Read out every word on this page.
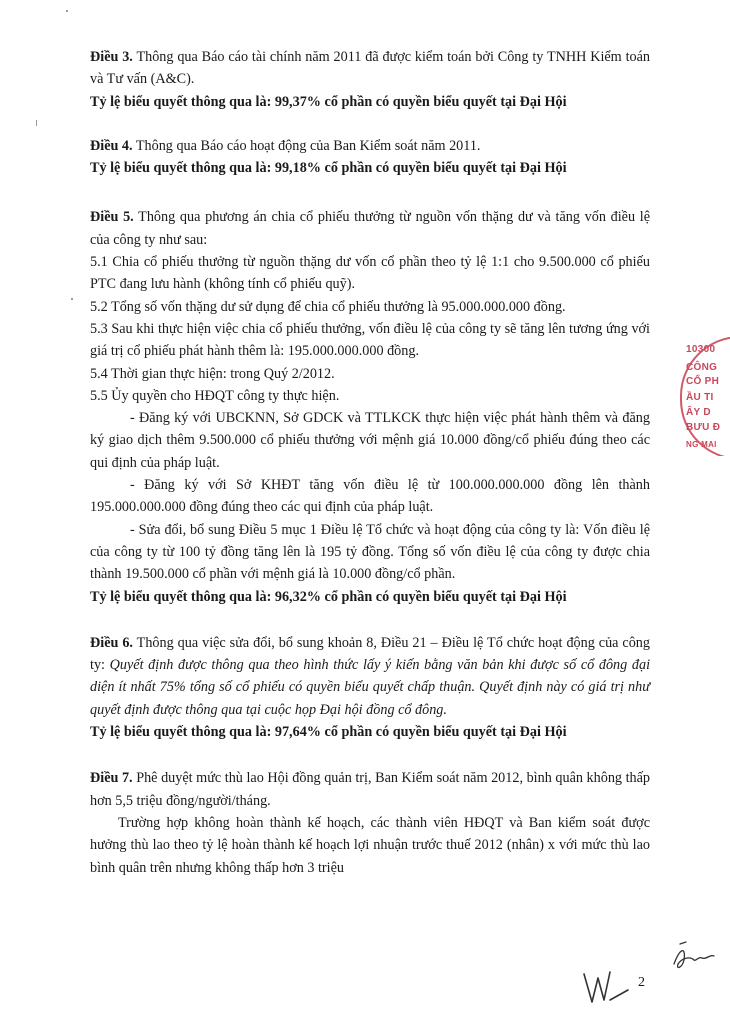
Điều 3. Thông qua Báo cáo tài chính năm 2011 đã được kiểm toán bởi Công ty TNHH Kiểm toán và Tư vấn (A&C).

Tỷ lệ biểu quyết thông qua là: 99,37% cổ phần có quyền biểu quyết tại Đại Hội

Điều 4. Thông qua Báo cáo hoạt động của Ban Kiểm soát năm 2011.

Tỷ lệ biểu quyết thông qua là: 99,18% cổ phần có quyền biểu quyết tại Đại Hội

Điều 5. Thông qua phương án chia cổ phiếu thưởng từ nguồn vốn thặng dư và tăng vốn điều lệ của công ty như sau:

5.1 Chia cổ phiếu thưởng từ nguồn thặng dư vốn cổ phần theo tỷ lệ 1:1 cho 9.500.000 cổ phiếu PTC đang lưu hành (không tính cổ phiếu quỹ).

5.2 Tổng số vốn thặng dư sử dụng để chia cổ phiếu thưởng là 95.000.000.000 đồng.

5.3 Sau khi thực hiện việc chia cổ phiếu thưởng, vốn điều lệ của công ty sẽ tăng lên tương ứng với giá trị cổ phiếu phát hành thêm là: 195.000.000.000 đồng.

5.4 Thời gian thực hiện: trong Quý 2/2012.

5.5 Ủy quyền cho HĐQT công ty thực hiện.

- Đăng ký với UBCKNN, Sở GDCK và TTLKCK thực hiện việc phát hành thêm và đăng ký giao dịch thêm 9.500.000 cổ phiếu thưởng với mệnh giá 10.000 đồng/cổ phiếu đúng theo các qui định của pháp luật.

- Đăng ký với Sở KHĐT tăng vốn điều lệ từ 100.000.000.000 đồng lên thành 195.000.000.000 đồng đúng theo các qui định của pháp luật.

- Sửa đổi, bổ sung Điều 5 mục 1 Điều lệ Tổ chức và hoạt động của công ty là: Vốn điều lệ của công ty từ 100 tỷ đồng tăng lên là 195 tỷ đồng. Tổng số vốn điều lệ của công ty được chia thành 19.500.000 cổ phần với mệnh giá là 10.000 đồng/cổ phần.

Tỷ lệ biểu quyết thông qua là: 96,32% cổ phần có quyền biểu quyết tại Đại Hội

Điều 6. Thông qua việc sửa đổi, bổ sung khoản 8, Điều 21 – Điều lệ Tổ chức hoạt động của công ty: Quyết định được thông qua theo hình thức lấy ý kiến bằng văn bản khi được số cổ đông đại diện ít nhất 75% tổng số cổ phiếu có quyền biểu quyết chấp thuận. Quyết định này có giá trị như quyết định được thông qua tại cuộc họp Đại hội đồng cổ đông.

Tỷ lệ biểu quyết thông qua là: 97,64% cổ phần có quyền biểu quyết tại Đại Hội

Điều 7. Phê duyệt mức thù lao Hội đồng quản trị, Ban Kiểm soát năm 2012, bình quân không thấp hơn 5,5 triệu đồng/người/tháng.

Trường hợp không hoàn thành kế hoạch, các thành viên HĐQT và Ban kiểm soát được hưởng thù lao theo tỷ lệ hoàn thành kế hoạch lợi nhuận trước thuế 2012 (nhân) x với mức thù lao bình quân trên nhưng không thấp hơn 3 triệu

10300
CÔNG
CỔ PH
ẦU TI
ÂY D
BƯU Đ
NG MAI
2
